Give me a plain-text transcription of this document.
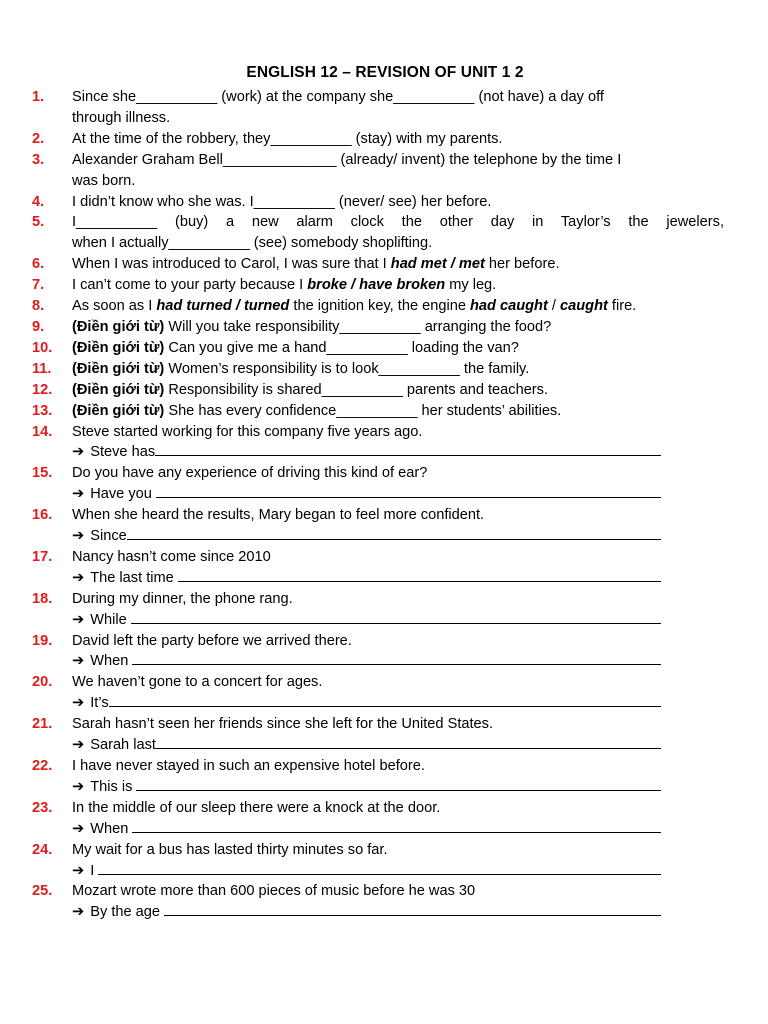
ENGLISH 12 – REVISION OF UNIT 1 2
1.	Since she__________ (work) at the company she__________ (not have) a day off
through illness.
2.	At the time of the robbery, they__________ (stay) with my parents.
3.	Alexander Graham Bell______________ (already/ invent) the telephone by the time I
was born.
4.	I didn’t know who she was. I__________ (never/ see) her before.
5.	I__________ (buy) a new alarm clock the other day in Taylor’s the jewelers,
when I actually__________ (see) somebody shoplifting.
6.	When I was introduced to Carol, I was sure that I had met / met her before.
7.	I can’t come to your party because I broke / have broken my leg.
8.	As soon as I had turned / turned the ignition key, the engine had caught / caught fire.
9.	(Điền giới từ) Will you take responsibility__________ arranging the food?
10.	(Điền giới từ) Can you give me a hand__________ loading the van?
11.	(Điền giới từ) Women’s responsibility is to look__________ the family.
12.	(Điền giới từ) Responsibility is shared__________ parents and teachers.
13.	(Điền giới từ) She has every confidence__________ her students’ abilities.
14.	Steve started working for this company five years ago.
➔ Steve has
15.	Do you have any experience of driving this kind of ear?
➔ Have you
16.	When she heard the results, Mary began to feel more confident.
➔ Since
17.	Nancy hasn’t come since 2010
➔ The last time
18.	During my dinner, the phone rang.
➔ While
19.	David left the party before we arrived there.
➔ When
20.	We haven’t gone to a concert for ages.
➔ It’s
21.	Sarah hasn’t seen her friends since she left for the United States.
➔ Sarah last
22.	I have never stayed in such an expensive hotel before.
➔ This is
23.	In the middle of our sleep there were a knock at the door.
➔ When
24.	My wait for a bus has lasted thirty minutes so far.
➔ I
25.	Mozart wrote more than 600 pieces of music before he was 30
➔ By the age
